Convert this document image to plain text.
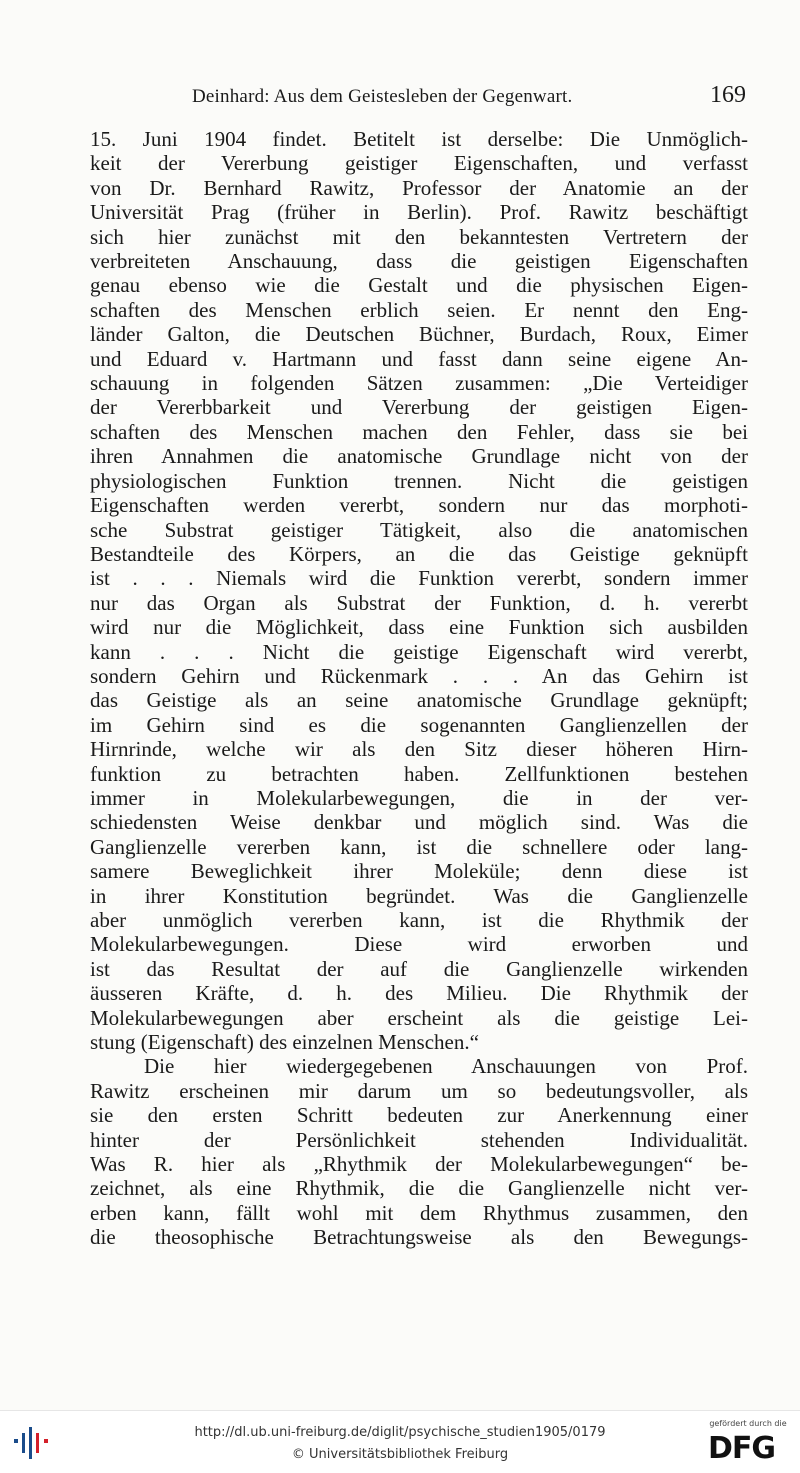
Deinhard: Aus dem Geistesleben der Gegenwart.	169
15. Juni 1904 findet. Betitelt ist derselbe: Die Unmöglich-
keit der Vererbung geistiger Eigenschaften, und verfasst
von Dr. Bernhard Rawitz, Professor der Anatomie an der
Universität Prag (früher in Berlin). Prof. Rawitz beschäftigt
sich hier zunächst mit den bekanntesten Vertretern der
verbreiteten Anschauung, dass die geistigen Eigenschaften
genau ebenso wie die Gestalt und die physischen Eigen-
schaften des Menschen erblich seien. Er nennt den Eng-
länder Galton, die Deutschen Büchner, Burdach, Roux, Eimer
und Eduard v. Hartmann und fasst dann seine eigene An-
schauung in folgenden Sätzen zusammen: „Die Verteidiger
der Vererbbarkeit und Vererbung der geistigen Eigen-
schaften des Menschen machen den Fehler, dass sie bei
ihren Annahmen die anatomische Grundlage nicht von der
physiologischen Funktion trennen. Nicht die geistigen
Eigenschaften werden vererbt, sondern nur das morphoti-
sche Substrat geistiger Tätigkeit, also die anatomischen
Bestandteile des Körpers, an die das Geistige geknüpft
ist . . . Niemals wird die Funktion vererbt, sondern immer
nur das Organ als Substrat der Funktion, d. h. vererbt
wird nur die Möglichkeit, dass eine Funktion sich ausbilden
kann . . . Nicht die geistige Eigenschaft wird vererbt,
sondern Gehirn und Rückenmark . . . An das Gehirn ist
das Geistige als an seine anatomische Grundlage geknüpft;
im Gehirn sind es die sogenannten Ganglienzellen der
Hirnrinde, welche wir als den Sitz dieser höheren Hirn-
funktion zu betrachten haben. Zellfunktionen bestehen
immer in Molekularbewegungen, die in der ver-
schiedensten Weise denkbar und möglich sind. Was die
Ganglienzelle vererben kann, ist die schnellere oder lang-
samere Beweglichkeit ihrer Moleküle; denn diese ist
in ihrer Konstitution begründet. Was die Ganglienzelle
aber unmöglich vererben kann, ist die Rhythmik der
Molekularbewegungen. Diese wird erworben und
ist das Resultat der auf die Ganglienzelle wirkenden
äusseren Kräfte, d. h. des Milieu. Die Rhythmik der
Molekularbewegungen aber erscheint als die geistige Lei-
stung (Eigenschaft) des einzelnen Menschen.“
Die hier wiedergegebenen Anschauungen von Prof.
Rawitz erscheinen mir darum um so bedeutungsvoller, als
sie den ersten Schritt bedeuten zur Anerkennung einer
hinter der Persönlichkeit stehenden Individualität.
Was R. hier als „Rhythmik der Molekularbewegungen“ be-
zeichnet, als eine Rhythmik, die die Ganglienzelle nicht ver-
erben kann, fällt wohl mit dem Rhythmus zusammen, den
die theosophische Betrachtungsweise als den Bewegungs-
http://dl.ub.uni-freiburg.de/diglit/psychische_studien1905/0179
© Universitätsbibliothek Freiburg
gefördert durch die
DFG
